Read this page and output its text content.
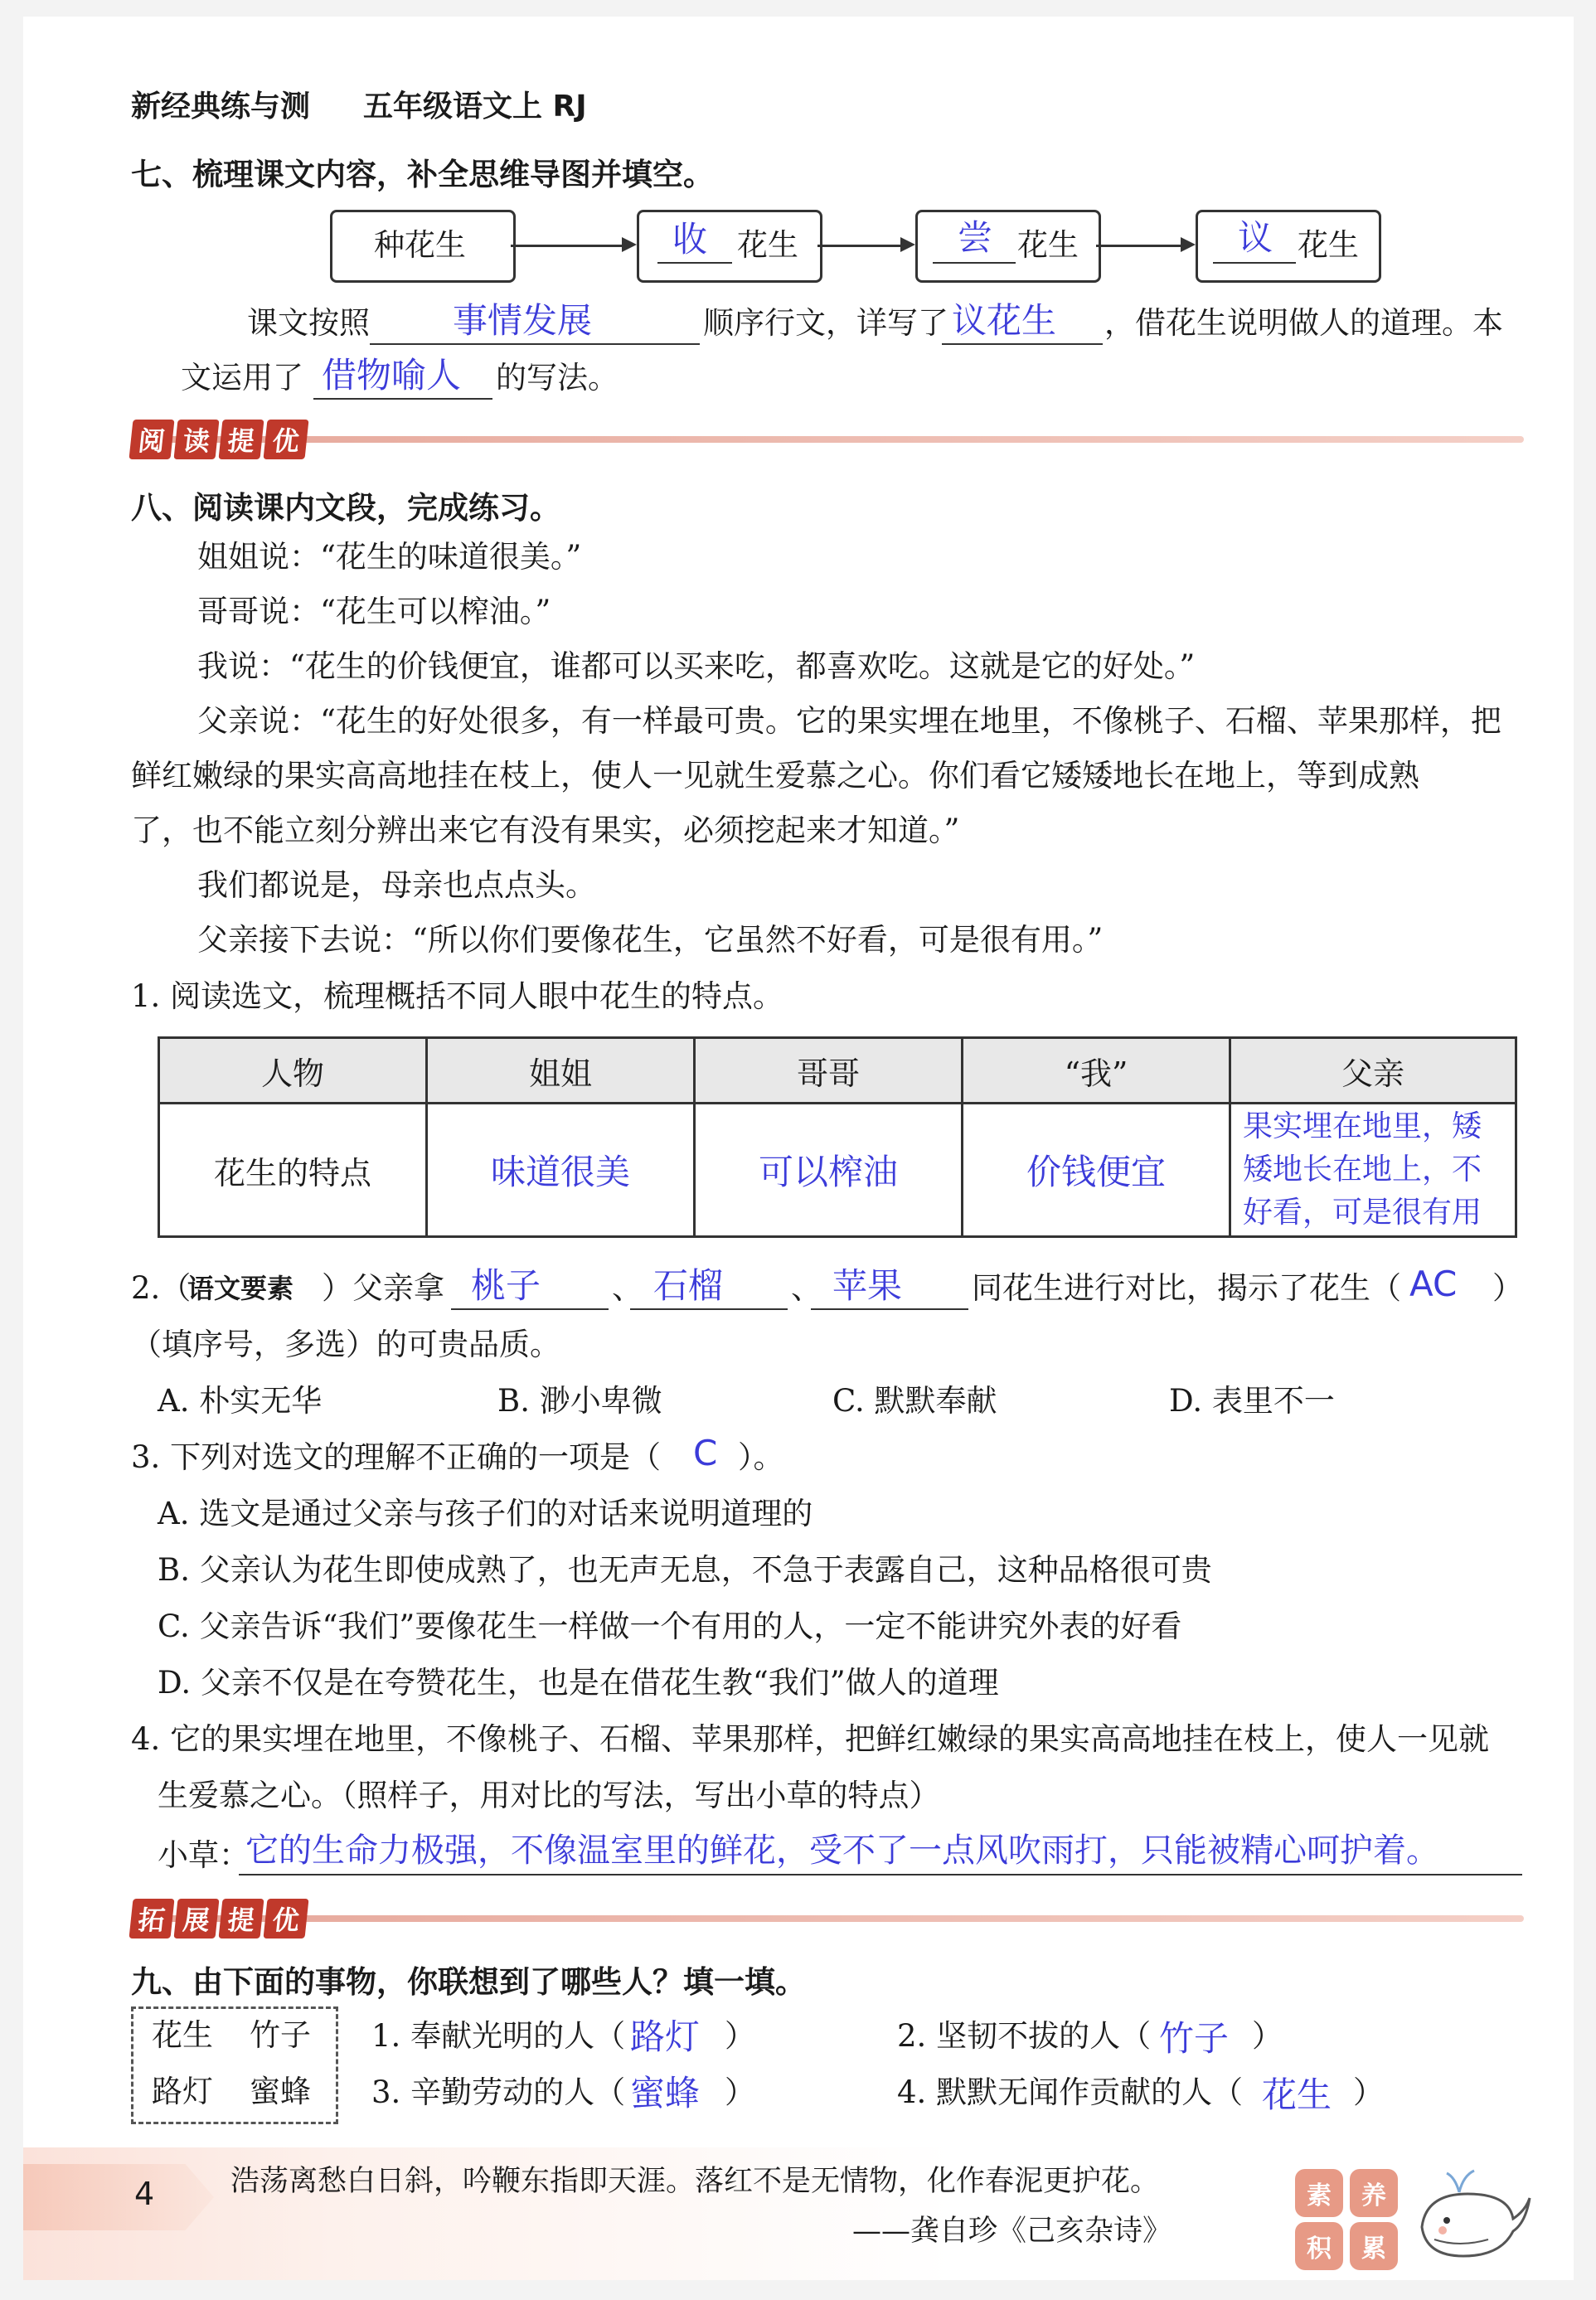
新经典练与测 五年级语文上 RJ
七、梳理课文内容，补全思维导图并填空。
种花生	收 花生	尝 花生	议 花生
课文按照 事情发展	顺序行文，详写了 议花生 ，借花生说明做人的道理。本
文运用了 借物喻人 的写法。
阅 读 提 优
八、阅读课内文段，完成练习。
姐姐说：“花生的味道很美。”
哥哥说：“花生可以榨油。”
我说：“花生的价钱便宜，谁都可以买来吃，都喜欢吃。这就是它的好处。”
父亲说：“花生的好处很多，有一样最可贵。它的果实埋在地里，不像桃子、石榴、苹果那样，把
鲜红嫩绿的果实高高地挂在枝上，使人一见就生爱慕之心。你们看它矮矮地长在地上，等到成熟
了，也不能立刻分辨出来它有没有果实，必须挖起来才知道。”
我们都说是，母亲也点点头。
父亲接下去说：“所以你们要像花生，它虽然不好看，可是很有用。”
1. 阅读选文，梳理概括不同人眼中花生的特点。
人物	姐姐	哥哥	“我”	父亲
花生的特点	味道很美	可以榨油	价钱便宜	果实埋在地里，矮
矮地长在地上，不
好看，可是很有用
2.（
语文要素 ）父亲拿 桃子 、 石榴 、 苹果 同花生进行对比，揭示了花生（ AC ）
（填序号，多选）的可贵品质。
A. 朴实无华	B. 渺小卑微	C. 默默奉献	D. 表里不一
3. 下列对选文的理解不正确的一项是（ C ）。
A. 选文是通过父亲与孩子们的对话来说明道理的
B. 父亲认为花生即使成熟了，也无声无息，不急于表露自己，这种品格很可贵
C. 父亲告诉“我们”要像花生一样做一个有用的人，一定不能讲究外表的好看
D. 父亲不仅是在夸赞花生，也是在借花生教“我们”做人的道理
4. 它的果实埋在地里，不像桃子、石榴、苹果那样，把鲜红嫩绿的果实高高地挂在枝上，使人一见就
生爱慕之心。（照样子，用对比的写法，写出小草的特点）
小草：
它的生命力极强，不像温室里的鲜花，受不了一点风吹雨打，只能被精心呵护着。
拓 展 提 优
九、由下面的事物，你联想到了哪些人？填一填。
花生 竹子
路灯 蜜蜂
1. 奉献光明的人（ 路灯 ）	2. 坚韧不拔的人（ 竹子 ）
3. 辛勤劳动的人（ 蜜蜂 ）	4. 默默无闻作贡献的人（ 花生 ）
4	浩荡离愁白日斜，吟鞭东指即天涯。落红不是无情物，化作春泥更护花。
——龚自珍《己亥杂诗》
素	养
积	累
